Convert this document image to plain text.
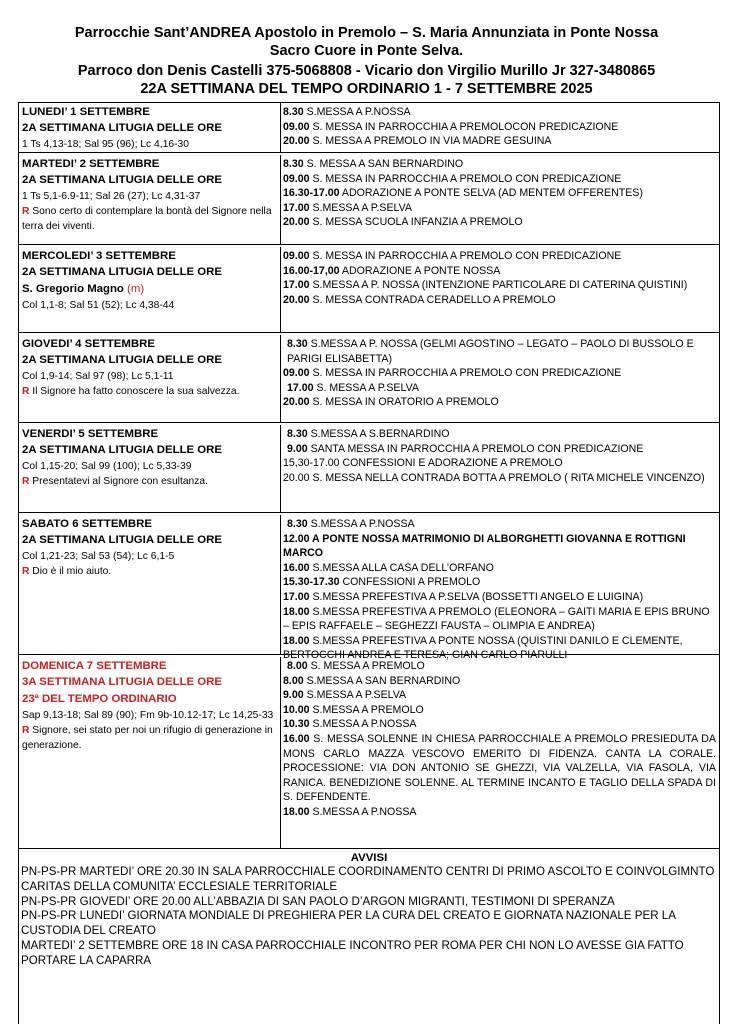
Parrocchie Sant’ANDREA Apostolo in Premolo – S. Maria Annunziata in Ponte Nossa
Sacro Cuore in Ponte Selva.
Parroco don Denis Castelli 375-5068808 - Vicario don Virgilio Murillo Jr 327-3480865
22A SETTIMANA DEL TEMPO ORDINARIO 1 - 7 SETTEMBRE 2025
LUNEDI’ 1 SETTEMBRE
2A SETTIMANA LITUGIA DELLE ORE
1 Ts 4,13-18; Sal 95 (96); Lc 4,16-30
8.30 S.MESSA A P.NOSSA
09.00 S. MESSA IN PARROCCHIA A PREMOLOCON PREDICAZIONE
20.00 S. MESSA A PREMOLO IN VIA MADRE GESUINA
MARTEDI’ 2 SETTEMBRE
2A SETTIMANA LITUGIA DELLE ORE
1 Ts 5,1-6.9-11; Sal 26 (27); Lc 4,31-37
R Sono certo di contemplare la bontà del Signore nella terra dei viventi.
8.30 S. MESSA A SAN BERNARDINO
09.00 S. MESSA IN PARROCCHIA A PREMOLO CON PREDICAZIONE
16.30-17.00 ADORAZIONE A PONTE SELVA (AD MENTEM OFFERENTES)
17.00 S.MESSA A P.SELVA
20.00 S. MESSA SCUOLA INFANZIA A PREMOLO
MERCOLEDI’ 3 SETTEMBRE
2A SETTIMANA LITUGIA DELLE ORE
S. Gregorio Magno (m)
Col 1,1-8; Sal 51 (52); Lc 4,38-44
09.00 S. MESSA IN PARROCCHIA A PREMOLO CON PREDICAZIONE
16.00-17,00 ADORAZIONE A PONTE NOSSA
17.00 S.MESSA A P. NOSSA (INTENZIONE PARTICOLARE DI CATERINA QUISTINI)
20.00 S. MESSA CONTRADA CERADELLO A PREMOLO
GIOVEDI’ 4 SETTEMBRE
2A SETTIMANA LITUGIA DELLE ORE
Col 1,9-14; Sal 97 (98); Lc 5,1-11
R Il Signore ha fatto conoscere la sua salvezza.
8.30 S.MESSA A P. NOSSA (GELMI AGOSTINO – LEGATO – PAOLO DI BUSSOLO E PARIGI ELISABETTA)
09.00 S. MESSA IN PARROCCHIA A PREMOLO CON PREDICAZIONE
17.00 S. MESSA A P.SELVA
20.00 S. MESSA IN ORATORIO A PREMOLO
VENERDI’ 5 SETTEMBRE
2A SETTIMANA LITUGIA DELLE ORE
Col 1,15-20; Sal 99 (100); Lc 5,33-39
R Presentatevi al Signore con esultanza.
8.30 S.MESSA A S.BERNARDINO
9.00 SANTA MESSA IN PARROCCHIA A PREMOLO CON PREDICAZIONE
15,30-17.00 CONFESSIONI E ADORAZIONE A PREMOLO
20.00 S. MESSA NELLA CONTRADA BOTTA A PREMOLO ( RITA MICHELE VINCENZO)
SABATO 6 SETTEMBRE
2A SETTIMANA LITUGIA DELLE ORE
Col 1,21-23; Sal 53 (54); Lc 6,1-5
R Dio è il mio aiuto.
8.30 S.MESSA A P.NOSSA
12.00 A PONTE NOSSA MATRIMONIO DI ALBORGHETTI GIOVANNA E ROTTIGNI MARCO
16.00 S.MESSA ALLA CASA DELL’ORFANO
15.30-17.30 CONFESSIONI A PREMOLO
17.00 S.MESSA PREFESTIVA A P.SELVA (BOSSETTI ANGELO E LUIGINA)
18.00 S.MESSA PREFESTIVA A PREMOLO (ELEONORA – GAITI MARIA E EPIS BRUNO – EPIS RAFFAELE – SEGHEZZI FAUSTA – OLIMPIA E ANDREA)
18.00 S.MESSA PREFESTIVA A PONTE NOSSA (QUISTINI DANILO E CLEMENTE, BERTOCCHI ANDREA E TERESA; GIAN CARLO PIARULLI
DOMENICA 7 SETTEMBRE
3A SETTIMANA LITUGIA DELLE ORE
23ª DEL TEMPO ORDINARIO
Sap 9,13-18; Sal 89 (90); Fm 9b-10.12-17; Lc 14,25-33
R Signore, sei stato per noi un rifugio di generazione in generazione.
8.00 S. MESSA A PREMOLO
8.00 S.MESSA A SAN BERNARDINO
9.00 S.MESSA A P.SELVA
10.00 S.MESSA A PREMOLO
10.30 S.MESSA A P.NOSSA
16.00 S. MESSA SOLENNE IN CHIESA PARROCCHIALE A PREMOLO PRESIEDUTA DA MONS CARLO MAZZA VESCOVO EMERITO DI FIDENZA. CANTA LA CORALE. PROCESSIONE: VIA DON ANTONIO SE GHEZZI, VIA VALZELLA, VIA FASOLA, VIA RANICA. BENEDIZIONE SOLENNE. AL TERMINE INCANTO E TAGLIO DELLA SPADA DI S. DEFENDENTE.
18.00 S.MESSA A P.NOSSA
AVVISI
PN-PS-PR MARTEDI’ ORE 20.30 IN SALA PARROCCHIALE COORDINAMENTO CENTRI DI PRIMO ASCOLTO E COINVOLGIMNTO CARITAS DELLA COMUNITA’ ECCLESIALE TERRITORIALE
PN-PS-PR GIOVEDI’ ORE 20.00 ALL’ABBAZIA DI SAN PAOLO D’ARGON MIGRANTI, TESTIMONI DI SPERANZA
PN-PS-PR LUNEDI’ GIORNATA MONDIALE DI PREGHIERA PER LA CURA DEL CREATO E GIORNATA NAZIONALE PER LA CUSTODIA DEL CREATO
MARTEDI’ 2 SETTEMBRE ORE 18 IN CASA PARROCCHIALE INCONTRO PER ROMA PER CHI NON LO AVESSE GIA FATTO PORTARE LA CAPARRA
